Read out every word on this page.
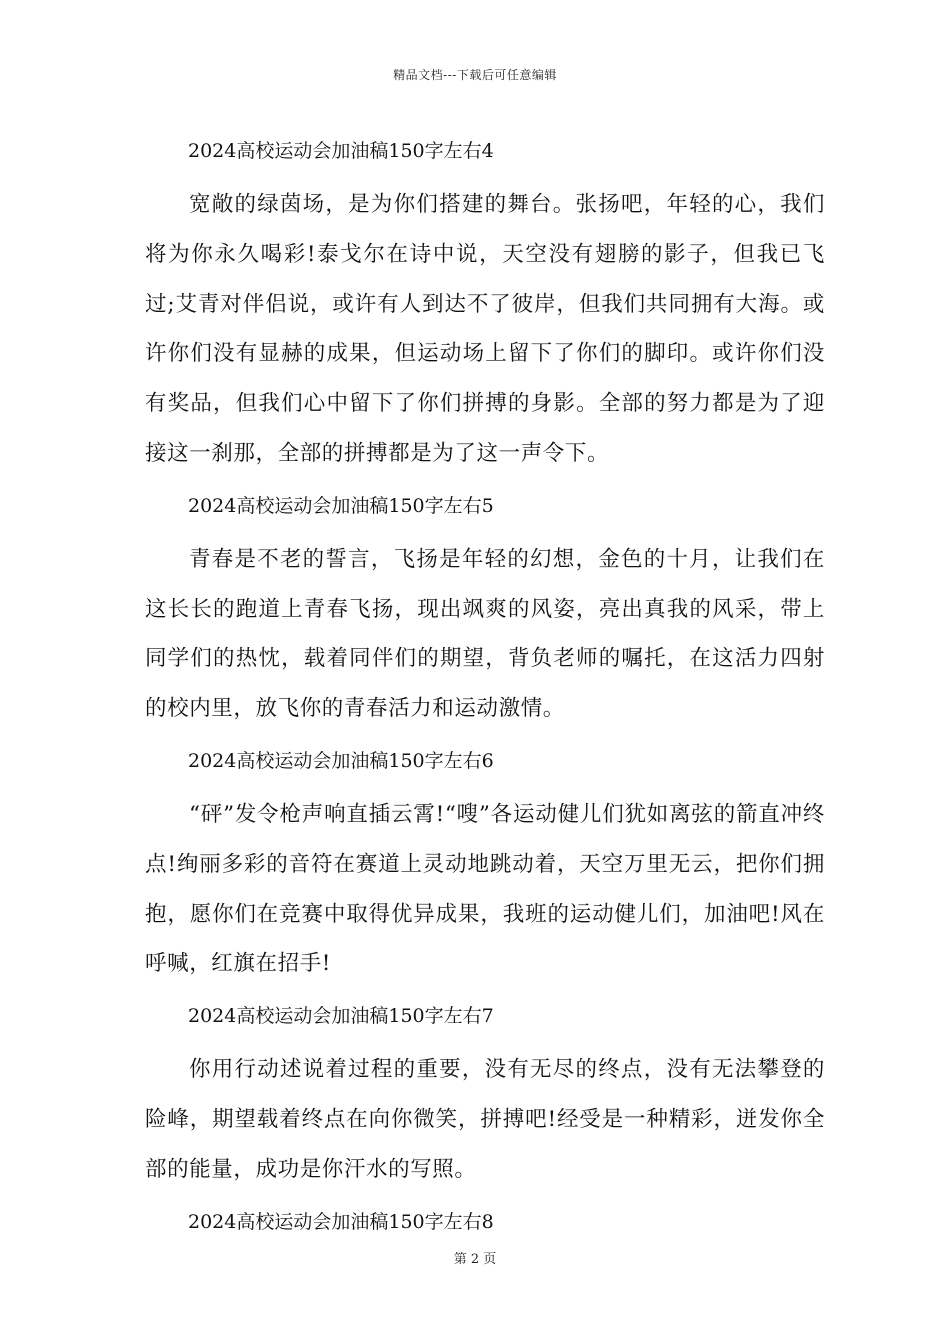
精品文档---下载后可任意编辑
2024高校运动会加油稿150字左右4

宽敞的绿茵场，是为你们搭建的舞台。张扬吧，年轻的心，我们将为你永久喝彩!泰戈尔在诗中说，天空没有翅膀的影子，但我已飞过;艾青对伴侣说，或许有人到达不了彼岸，但我们共同拥有大海。或许你们没有显赫的成果，但运动场上留下了你们的脚印。或许你们没有奖品，但我们心中留下了你们拼搏的身影。全部的努力都是为了迎接这一刹那，全部的拼搏都是为了这一声令下。

2024高校运动会加油稿150字左右5

青春是不老的誓言，飞扬是年轻的幻想，金色的十月，让我们在这长长的跑道上青春飞扬，现出飒爽的风姿，亮出真我的风采，带上同学们的热忱，载着同伴们的期望，背负老师的嘱托，在这活力四射的校内里，放飞你的青春活力和运动激情。

2024高校运动会加油稿150字左右6

“砰”发令枪声响直插云霄!“嗖”各运动健儿们犹如离弦的箭直冲终点!绚丽多彩的音符在赛道上灵动地跳动着，天空万里无云，把你们拥抱，愿你们在竞赛中取得优异成果，我班的运动健儿们，加油吧!风在呼喊，红旗在招手!

2024高校运动会加油稿150字左右7

你用行动述说着过程的重要，没有无尽的终点，没有无法攀登的险峰，期望载着终点在向你微笑，拼搏吧!经受是一种精彩，迸发你全部的能量，成功是你汗水的写照。

2024高校运动会加油稿150字左右8
第 2 页
